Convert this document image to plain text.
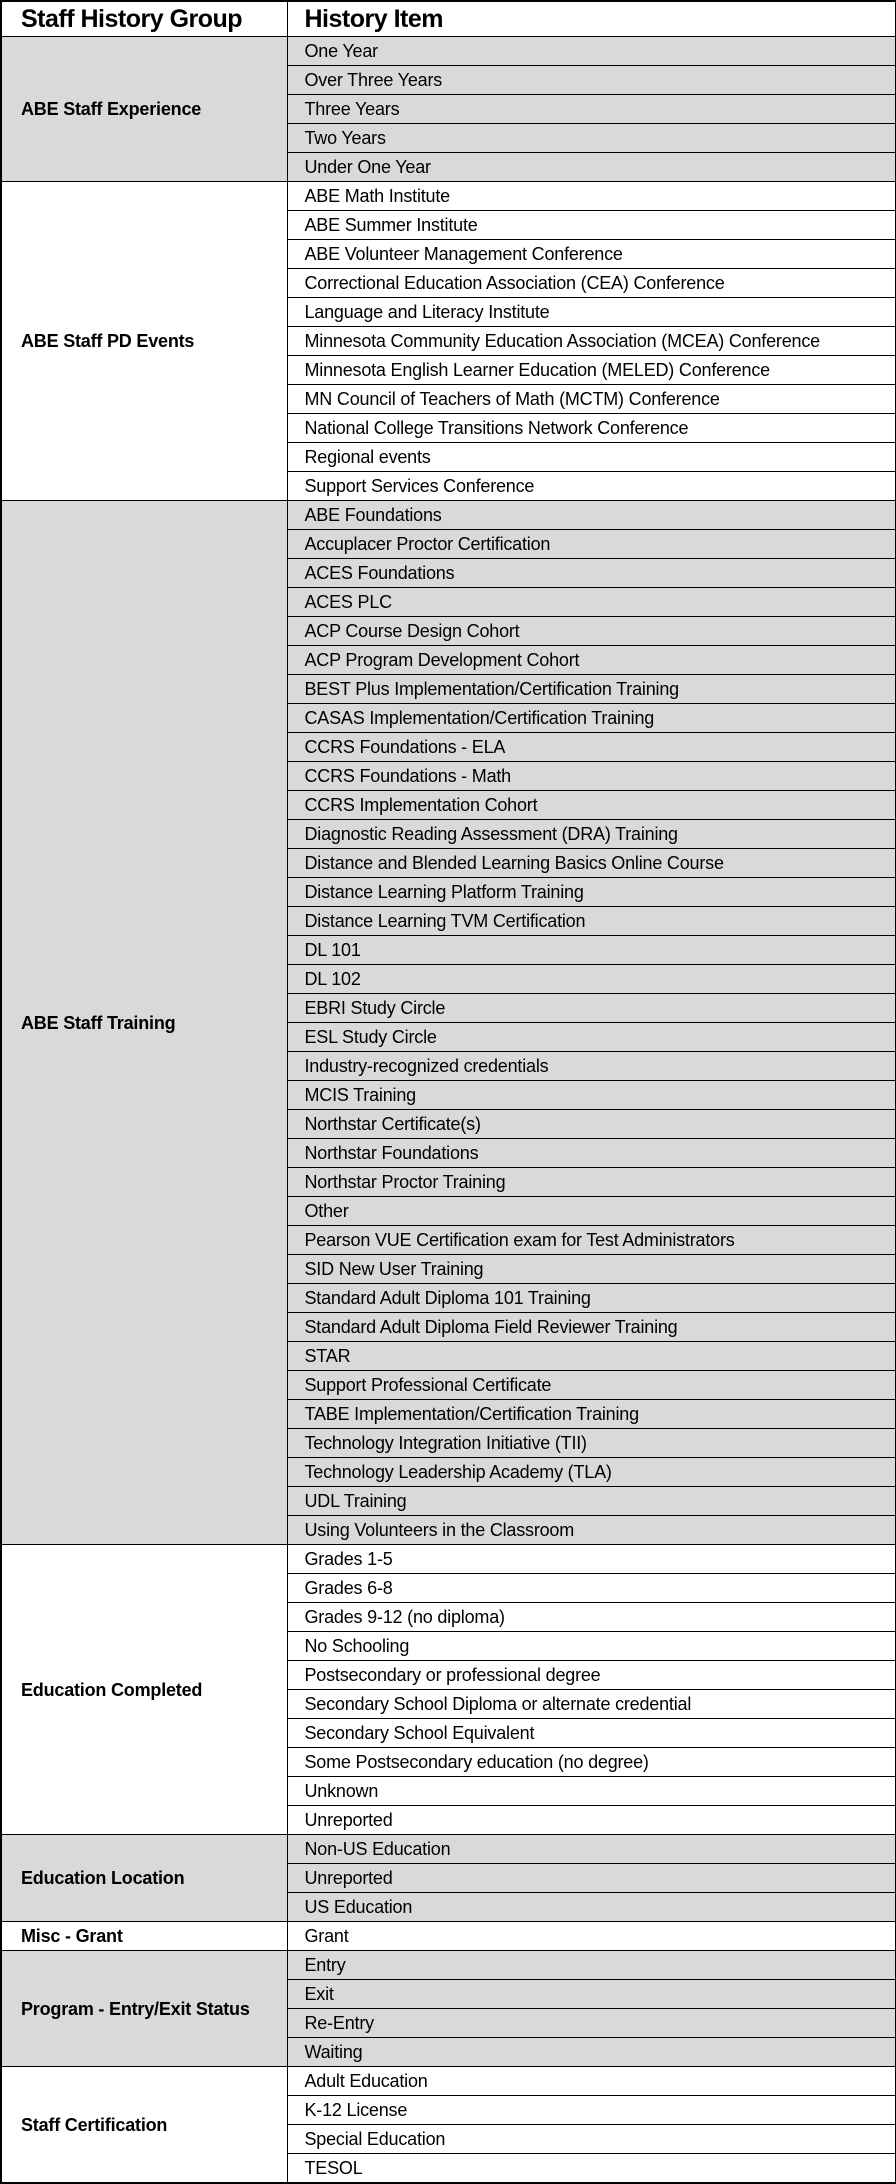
Staff History Group	History Item
ABE Staff Experience	One Year
	Over Three Years
	Three Years
	Two Years
	Under One Year
ABE Staff PD Events	ABE Math Institute
	ABE Summer Institute
	ABE Volunteer Management Conference
	Correctional Education Association (CEA) Conference
	Language and Literacy Institute
	Minnesota Community Education Association (MCEA) Conference
	Minnesota English Learner Education (MELED) Conference
	MN Council of Teachers of Math (MCTM) Conference
	National College Transitions Network Conference
	Regional events
	Support Services Conference
ABE Staff Training	ABE Foundations
	Accuplacer Proctor Certification
	ACES Foundations
	ACES PLC
	ACP Course Design Cohort
	ACP Program Development Cohort
	BEST Plus Implementation/Certification Training
	CASAS Implementation/Certification Training
	CCRS Foundations - ELA
	CCRS Foundations - Math
	CCRS Implementation Cohort
	Diagnostic Reading Assessment (DRA) Training
	Distance and Blended Learning Basics Online Course
	Distance Learning Platform Training
	Distance Learning TVM Certification
	DL 101
	DL 102
	EBRI Study Circle
	ESL Study Circle
	Industry-recognized credentials
	MCIS Training
	Northstar Certificate(s)
	Northstar Foundations
	Northstar Proctor Training
	Other
	Pearson VUE Certification exam for Test Administrators
	SID New User Training
	Standard Adult Diploma 101 Training
	Standard Adult Diploma Field Reviewer Training
	STAR
	Support Professional Certificate
	TABE Implementation/Certification Training
	Technology Integration Initiative (TII)
	Technology Leadership Academy (TLA)
	UDL Training
	Using Volunteers in the Classroom
Education Completed	Grades 1-5
	Grades 6-8
	Grades 9-12 (no diploma)
	No Schooling
	Postsecondary or professional degree
	Secondary School Diploma or alternate credential
	Secondary School Equivalent
	Some Postsecondary education (no degree)
	Unknown
	Unreported
Education Location	Non-US Education
	Unreported
	US Education
Misc - Grant	Grant
Program - Entry/Exit Status	Entry
	Exit
	Re-Entry
	Waiting
Staff Certification	Adult Education
	K-12 License
	Special Education
	TESOL
